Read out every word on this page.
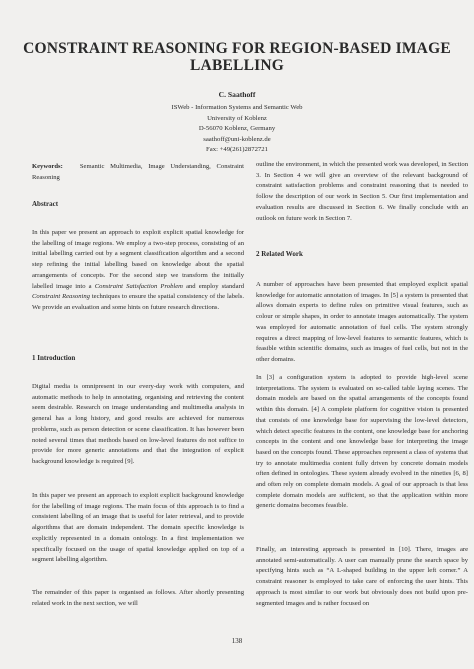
CONSTRAINT REASONING FOR REGION-BASED IMAGE
LABELLING
C. Saathoff
ISWeb - Information Systems and Semantic Web
University of Koblenz
D-56070 Koblenz, Germany
saathoff@uni-koblenz.de
Fax: +49(261)2872721
Keywords:	Semantic Multimedia, Image Understanding, Constraint Reasoning
Abstract
In this paper we present an approach to exploit explicit spatial knowledge for the labelling of image regions. We employ a two-step process, consisting of an initial labelling carried out by a segment classification algorithm and a second step refining the initial labelling based on knowledge about the spatial arrangements of concepts. For the second step we transform the initially labelled image into a Constraint Satisfaction Problem and employ standard Constraint Reasoning techniques to ensure the spatial consistency of the labels. We provide an evaluation and some hints on future research directions.
1 Introduction
Digital media is omnipresent in our every-day work with computers, and automatic methods to help in annotating, organising and retrieving the content seem desirable. Research on image understanding and multimedia analysis in general has a long history, and good results are achieved for numerous problems, such as person detection or scene classification. It has however been noted several times that methods based on low-level features do not suffice to provide for more generic annotations and that the integration of explicit background knowledge is required [9].
In this paper we present an approach to exploit explicit background knowledge for the labelling of image regions. The main focus of this approach is to find a consistent labelling of an image that is useful for later retrieval, and to provide algorithms that are domain independent. The domain specific knowledge is explicitly represented in a domain ontology. In a first implementation we specifically focused on the usage of spatial knowledge applied on top of a segment labelling algorithm.
The remainder of this paper is organised as follows. After shortly presenting related work in the next section, we will
outline the environment, in which the presented work was developed, in Section 3. In Section 4 we will give an overview of the relevant background of constraint satisfaction problems and constraint reasoning that is needed to follow the description of our work in Section 5. Our first implementation and evaluation results are discussed in Section 6. We finally conclude with an outlook on future work in Section 7.
2 Related Work
A number of approaches have been presented that employed explicit spatial knowledge for automatic annotation of images. In [5] a system is presented that allows domain experts to define rules on primitive visual features, such as colour or simple shapes, in order to annotate images automatically. The system was employed for automatic annotation of fuel cells. The system strongly requires a direct mapping of low-level features to semantic features, which is feasible within scientific domains, such as images of fuel cells, but not in the other domains.
In [3] a configuration system is adopted to provide high-level scene interpretations. The system is evaluated on so-called table laying scenes. The domain models are based on the spatial arrangements of the concepts found within this domain. [4] A complete platform for cognitive vision is presented that consists of one knowledge base for supervising the low-level detectors, which detect specific features in the content, one knowledge base for anchoring concepts in the content and one knowledge base for interpreting the image based on the concepts found. These approaches represent a class of systems that try to annotate multimedia content fully driven by concrete domain models often defined in ontologies. These system already evolved in the nineties [6, 8] and often rely on complete domain models. A goal of our approach is that less complete domain models are sufficient, so that the application within more generic domains becomes feasible.
Finally, an interesting approach is presented in [10]. There, images are annotated semi-automatically. A user can manually prune the search space by specifying hints such as “A L-shaped building in the upper left corner.” A constraint reasoner is employed to take care of enforcing the user hints. This approach is most similar to our work but obviously does not build upon pre-segmented images and is rather focused on
138
